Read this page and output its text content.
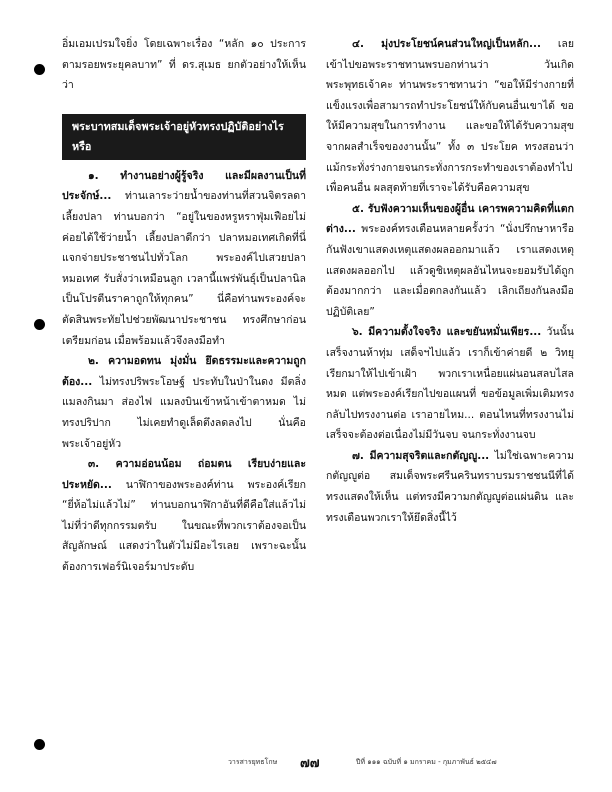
อิ่มเอมเปรมใจยิ่ง โดยเฉพาะเรื่อง “หลัก ๑๐ ประการ ตามรอยพระยุคลบาท” ที่ ดร.สุเมธ ยกตัวอย่างให้เห็นว่า

พระบาทสมเด็จพระเจ้าอยู่หัวทรงปฏิบัติอย่างไรหรือ

๑. ทำงานอย่างผู้รู้จริง และมีผลงานเป็นที่ประจักษ์... ท่านเลาระว่ายน้ำของท่านที่สวนจิตรลดาเลี้ยงปลา ท่านบอกว่า “อยู่ในของหรูหราฟุ่มเฟือยไม่ค่อยได้ใช้ว่ายน้ำ เลี้ยงปลาดีกว่า ปลาหมอเทศเกิดที่นี่ แจกจ่ายประชาชนไปทั่วโลก พระองค์ไปเสวยปลาหมอเทศ รับสั่งว่าเหมือนลูก เวลานี้แพร่พันธุ์เป็นปลานิลเป็นโปรตีนราคาถูกให้ทุกคน” นี่คือท่านพระองค์จะตัดสินพระทัยไปช่วยพัฒนาประชาชน ทรงศึกษาก่อนเตรียมก่อน เมื่อพร้อมแล้วจึงลงมือทำ

๒. ความอดทน มุ่งมั่น ยึดธรรมะและความถูกต้อง... ไม่ทรงปริพระโอษฐ์ ประทับในป่าในดง มีตลิ่งแมลงกินมา ส่องไฟ แมลงบินเข้าหน้าเข้าตาหมด ไม่ทรงปริปาก ไม่เคยทำดูเล็ดตึงลดลงไป นั่นคือพระเจ้าอยู่หัว

๓. ความอ่อนน้อม ถ่อมตน เรียบง่ายและประหยัด... นาฬิกาของพระองค์ท่าน พระองค์เรียก “ยี่ห้อไม่แล้วไม่” ท่านบอกนาฬิกาอันที่ดีคือใส่แล้วไม่ ไม่ที่ว่าดีทุกกรรมตรับ ในขณะที่พวกเราต้องจอเป็นสัญลักษณ์ แสดงว่าในตัวไม่มีอะไรเลย เพราะฉะนั้นต้องการเฟอร์นิเจอร์มาประดับ

๔. มุ่งประโยชน์คนส่วนใหญ่เป็นหลัก... เลยเข้าไปขอพระราชทานพรบอกท่านว่า วันเกิดพระพุทธเจ้าคะ ท่านพระราชทานว่า “ขอให้มีร่างกายที่แข็งแรงเพื่อสามารถทำประโยชน์ให้กับคนอื่นเขาได้ ขอให้มีความสุขในการทำงาน และขอให้ได้รับความสุขจากผลสำเร็จของงานนั้น” ทั้ง ๓ ประโยค ทรงสอนว่า แม้กระทั่งร่างกายจนกระทั่งการกระทำของเราต้องทำไปเพื่อคนอื่น ผลสุดท้ายที่เราจะได้รับคือความสุข

๕. รับฟังความเห็นของผู้อื่น เคารพความคิดที่แตกต่าง... พระองค์ทรงเตือนหลายครั้งว่า “นั่งปรึกษาหารือกันฟังเขาแสดงเหตุแสดงผลออกมาแล้ว เราแสดงเหตุแสดงผลออกไป แล้วดูชิเหตุผลอันไหนจะยอมรับได้ถูกต้องมากกว่า และเมื่อตกลงกันแล้ว เลิกเถียงกันลงมือปฏิบัติเลย”

๖. มีความตั้งใจจริง และขยันหมั่นเพียร... วันนั้นเสร็จงานห้าทุ่ม เสด็จฯไปแล้ว เราก็เข้าค่ายดี ๒ วิทยุเรียกมาให้ไปเข้าเฝ้า พวกเราเหนื่อยแผ่นอนสลบไสลหมด แต่พระองค์เรียกไปขอแผนที่ ขอข้อมูลเพิ่มเติมทรงกลับไปทรงงานต่อ เราอายไหม... ตอนไหนที่ทรงงานไม่เสร็จจะต้องต่อเนื่องไม่มีวันจบ จนกระทั่งงานจบ

๗. มีความสุจริตและกตัญญู... ไม่ใช่เฉพาะความกตัญญูต่อ สมเด็จพระศรีนครินทราบรมราชชนนีที่ได้ทรงแสดงให้เห็น แต่ทรงมีความกตัญญูต่อแผ่นดิน และทรงเตือนพวกเราให้ยึดสิ่งนี้ไว้

วารสารยุทธโกษ ๗๗	ปีที่ ๑๑๑ ฉบับที่ ๑ มกราคม - กุมภาพันธ์ ๒๕๔๗
